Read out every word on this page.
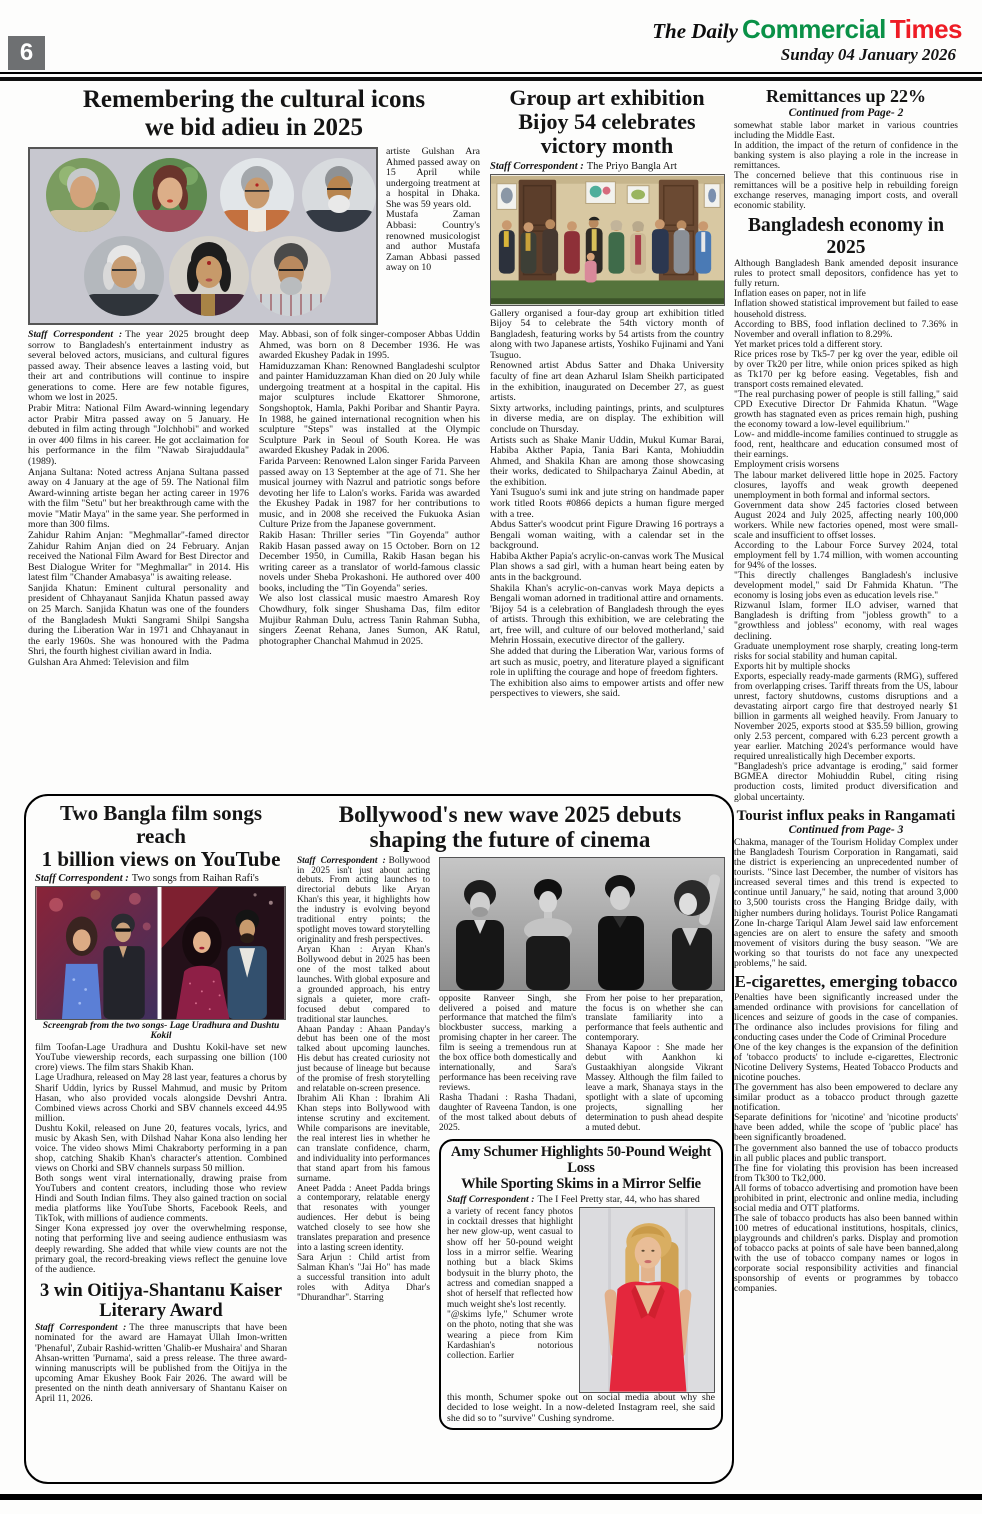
6
The Daily Commercial Times
Sunday 04 January 2026
Remembering the cultural icons
we bid adieu in 2025

artiste Gulshan Ara Ahmed passed away on 15 April while undergoing treatment at a hospital in Dhaka. She was 59 years old.

Mustafa Zaman Abbasi: Country's renowned musicologist and author Mustafa Zaman Abbasi passed away on 10

Staff Correspondent : The year 2025 brought deep sorrow to Bangladesh's entertainment industry as several beloved actors, musicians, and cultural figures passed away. Their absence leaves a lasting void, but their art and contributions will continue to inspire generations to come. Here are few notable figures, whom we lost in 2025.

Prabir Mitra: National Film Award-winning legendary actor Prabir Mitra passed away on 5 January. He debuted in film acting through "Jolchhobi" and worked in over 400 films in his career. He got acclaimation for his performance in the film "Nawab Sirajuddaula" (1989).

Anjana Sultana: Noted actress Anjana Sultana passed away on 4 January at the age of 59. The National film Award-winning artiste began her acting career in 1976 with the film "Setu" but her breakthrough came with the movie "Matir Maya" in the same year. She performed in more than 300 films.

Zahidur Rahim Anjan: "Meghmallar"-famed director Zahidur Rahim Anjan died on 24 February. Anjan received the National Film Award for Best Director and Best Dialogue Writer for "Meghmallar" in 2014. His latest film "Chander Amabasya" is awaiting release.

Sanjida Khatun: Eminent cultural personality and president of Chhayanaut Sanjida Khatun passed away on 25 March. Sanjida Khatun was one of the founders of the Bangladesh Mukti Sangrami Shilpi Sangsha during the Liberation War in 1971 and Chhayanaut in the early 1960s. She was honoured with the Padma Shri, the fourth highest civilian award in India.

Gulshan Ara Ahmed: Television and film

May. Abbasi, son of folk singer-composer Abbas Uddin Ahmed, was born on 8 December 1936. He was awarded Ekushey Padak in 1995.

Hamiduzzaman Khan: Renowned Bangladeshi sculptor and painter Hamiduzzaman Khan died on 20 July while undergoing treatment at a hospital in the capital. His major sculptures include Ekattorer Shmorone, Songshoptok, Hamla, Pakhi Poribar and Shantir Payra. In 1988, he gained international recognition when his sculpture "Steps" was installed at the Olympic Sculpture Park in Seoul of South Korea. He was awarded Ekushey Padak in 2006.

Farida Parveen: Renowned Lalon singer Farida Parveen passed away on 13 September at the age of 71. She her musical journey with Nazrul and patriotic songs before devoting her life to Lalon's works. Farida was awarded the Ekushey Padak in 1987 for her contributions to music, and in 2008 she received the Fukuoka Asian Culture Prize from the Japanese government.

Rakib Hasan: Thriller series "Tin Goyenda" author Rakib Hasan passed away on 15 October. Born on 12 December 1950, in Cumilla, Rakib Hasan began his writing career as a translator of world-famous classic novels under Sheba Prokashoni. He authored over 400 books, including the "Tin Goyenda" series.

We also lost classical music maestro Amaresh Roy Chowdhury, folk singer Shushama Das, film editor Mujibur Rahman Dulu, actress Tanin Rahman Subha, singers Zeenat Rehana, Janes Sumon, AK Ratul, photographer Chanchal Mahmud in 2025.

Group art exhibition
Bijoy 54 celebrates
victory month
Staff Correspondent : The Priyo Bangla Art

Gallery organised a four-day group art exhibition titled Bijoy 54 to celebrate the 54th victory month of Bangladesh, featuring works by 54 artists from the country along with two Japanese artists, Yoshiko Fujinami and Yani Tsuguo.

Renowned artist Abdus Satter and Dhaka University faculty of fine art dean Azharul Islam Sheikh participated in the exhibition, inaugurated on December 27, as guest artists.

Sixty artworks, including paintings, prints, and sculptures in diverse media, are on display. The exhibition will conclude on Thursday.

Artists such as Shake Manir Uddin, Mukul Kumar Barai, Habiba Akther Papia, Tania Bari Kanta, Mohiuddin Ahmed, and Shakila Khan are among those showcasing their works, dedicated to Shilpacharya Zainul Abedin, at the exhibition.

Yani Tsuguo's sumi ink and jute string on handmade paper work titled Roots #0866 depicts a human figure merged with a tree.

Abdus Satter's woodcut print Figure Drawing 16 portrays a Bengali woman waiting, with a calendar set in the background.

Habiba Akther Papia's acrylic-on-canvas work The Musical Plan shows a sad girl, with a human heart being eaten by ants in the background.

Shakila Khan's acrylic-on-canvas work Maya depicts a Bengali woman adorned in traditional attire and ornaments.

'Bijoy 54 is a celebration of Bangladesh through the eyes of artists. Through this exhibition, we are celebrating the art, free will, and culture of our beloved motherland,' said Mehrin Hossain, executive director of the gallery.

She added that during the Liberation War, various forms of art such as music, poetry, and literature played a significant role in uplifting the courage and hope of freedom fighters.

The exhibition also aims to empower artists and offer new perspectives to viewers, she said.

Remittances up 22%
Continued from Page- 2

somewhat stable labor market in various countries including the Middle East.

In addition, the impact of the return of confidence in the banking system is also playing a role in the increase in remittances.

The concerned believe that this continuous rise in remittances will be a positive help in rebuilding foreign exchange reserves, managing import costs, and overall economic stability.

Bangladesh economy in 2025

Although Bangladesh Bank amended deposit insurance rules to protect small depositors, confidence has yet to fully return.

Inflation eases on paper, not in life

Inflation showed statistical improvement but failed to ease household distress.

According to BBS, food inflation declined to 7.36% in November and overall inflation to 8.29%.

Yet market prices told a different story.

Rice prices rose by Tk5-7 per kg over the year, edible oil by over Tk20 per litre, while onion prices spiked as high as Tk170 per kg before easing. Vegetables, fish and transport costs remained elevated.

"The real purchasing power of people is still falling," said CPD Executive Director Dr Fahmida Khatun. "Wage growth has stagnated even as prices remain high, pushing the economy toward a low-level equilibrium."

Low- and middle-income families continued to struggle as food, rent, healthcare and education consumed most of their earnings.

Employment crisis worsens

The labour market delivered little hope in 2025. Factory closures, layoffs and weak growth deepened unemployment in both formal and informal sectors.

Government data show 245 factories closed between August 2024 and July 2025, affecting nearly 100,000 workers. While new factories opened, most were small-scale and insufficient to offset losses.

According to the Labour Force Survey 2024, total employment fell by 1.74 million, with women accounting for 94% of the losses.

"This directly challenges Bangladesh's inclusive development model," said Dr Fahmida Khatun. "The economy is losing jobs even as education levels rise."

Rizwanul Islam, former ILO adviser, warned that Bangladesh is drifting from "jobless growth" to a "growthless and jobless" economy, with real wages declining.

Graduate unemployment rose sharply, creating long-term risks for social stability and human capital.

Exports hit by multiple shocks

Exports, especially ready-made garments (RMG), suffered from overlapping crises. Tariff threats from the US, labour unrest, factory shutdowns, customs disruptions and a devastating airport cargo fire that destroyed nearly $1 billion in garments all weighed heavily. From January to November 2025, exports stood at $35.59 billion, growing only 2.53 percent, compared with 6.23 percent growth a year earlier. Matching 2024's performance would have required unrealistically high December exports.

"Bangladesh's price advantage is eroding," said former BGMEA director Mohiuddin Rubel, citing rising production costs, limited product diversification and global uncertainty.

Tourist influx peaks in Rangamati
Continued from Page- 3

Chakma, manager of the Tourism Holiday Complex under the Bangladesh Tourism Corporation in Rangamati, said the district is experiencing an unprecedented number of tourists. "Since last December, the number of visitors has increased several times and this trend is expected to continue until January," he said, noting that around 3,000 to 3,500 tourists cross the Hanging Bridge daily, with higher numbers during holidays. Tourist Police Rangamati Zone In-charge Tariqul Alam Jewel said law enforcement agencies are on alert to ensure the safety and smooth movement of visitors during the busy season. "We are working so that tourists do not face any unexpected problems," he said.

E-cigarettes, emerging tobacco

Penalties have been significantly increased under the amended ordinance with provisions for cancellation of licences and seizure of goods in the case of companies. The ordinance also includes provisions for filing and conducting cases under the Code of Criminal Procedure

One of the key changes is the expansion of the definition of 'tobacco products' to include e-cigarettes, Electronic Nicotine Delivery Systems, Heated Tobacco Products and nicotine pouches.

The government has also been empowered to declare any similar product as a tobacco product through gazette notification.

Separate definitions for 'nicotine' and 'nicotine products' have been added, while the scope of 'public place' has been significantly broadened.

The government also banned the use of tobacco products in all public places and public transport.

The fine for violating this provision has been increased from Tk300 to Tk2,000.

All forms of tobacco advertising and promotion have been prohibited in print, electronic and online media, including social media and OTT platforms.

The sale of tobacco products has also been banned within 100 metres of educational institutions, hospitals, clinics, playgrounds and children's parks. Display and promotion of tobacco packs at points of sale have been banned,along with the use of tobacco company names or logos in corporate social responsibility activities and financial sponsorship of events or programmes by tobacco companies.

Two Bangla film songs reach
1 billion views on YouTube
Staff Correspondent : Two songs from Raihan Rafi's
Screengrab from the two songs- Lage Uradhura and Dushtu Kokil

film Toofan-Lage Uradhura and Dushtu Kokil-have set new YouTube viewership records, each surpassing one billion (100 crore) views. The film stars Shakib Khan.

Lage Uradhura, released on May 28 last year, features a chorus by Sharif Uddin, lyrics by Russel Mahmud, and music by Pritom Hasan, who also provided vocals alongside Devshri Antra. Combined views across Chorki and SBV channels exceed 44.95 million.

Dushtu Kokil, released on June 20, features vocals, lyrics, and music by Akash Sen, with Dilshad Nahar Kona also lending her voice. The video shows Mimi Chakraborty performing in a pan shop, catching Shakib Khan's character's attention. Combined views on Chorki and SBV channels surpass 50 million.

Both songs went viral internationally, drawing praise from YouTubers and content creators, including those who review Hindi and South Indian films. They also gained traction on social media platforms like YouTube Shorts, Facebook Reels, and TikTok, with millions of audience comments.

Singer Kona expressed joy over the overwhelming response, noting that performing live and seeing audience enthusiasm was deeply rewarding. She added that while view counts are not the primary goal, the record-breaking views reflect the genuine love of the audience.

3 win Oitijya-Shantanu Kaiser
Literary Award

Staff Correspondent : The three manuscripts that have been nominated for the award are Hamayat Ullah Imon-written 'Phenaful', Zubair Rashid-written 'Ghalib-er Mushaira' and Sharan Ahsan-written 'Purnama', said a press release. The three award-winning manuscripts will be published from the Oitijya in the upcoming Amar Ekushey Book Fair 2026. The award will be presented on the ninth death anniversary of Shantanu Kaiser on April 11, 2026.

Bollywood's new wave 2025 debuts
shaping the future of cinema

Staff Correspondent : Bollywood in 2025 isn't just about acting debuts. From acting launches to directorial debuts like Aryan Khan's this year, it highlights how the industry is evolving beyond traditional entry points; the spotlight moves toward storytelling originality and fresh perspectives.

Aryan Khan : Aryan Khan's Bollywood debut in 2025 has been one of the most talked about launches. With global exposure and a grounded approach, his entry signals a quieter, more craft-focused debut compared to traditional star launches.

Ahaan Panday : Ahaan Panday's debut has been one of the most talked about upcoming launches. His debut has created curiosity not just because of lineage but because of the promise of fresh storytelling and relatable on-screen presence.

Ibrahim Ali Khan : Ibrahim Ali Khan steps into Bollywood with intense scrutiny and excitement. While comparisons are inevitable, the real interest lies in whether he can translate confidence, charm, and individuality into performances that stand apart from his famous surname.

Aneet Padda : Aneet Padda brings a contemporary, relatable energy that resonates with younger audiences. Her debut is being watched closely to see how she translates preparation and presence into a lasting screen identity.

Sara Arjun : Child artist from Salman Khan's "Jai Ho" has made a successful transition into adult roles with Aditya Dhar's "Dhurandhar". Starring

opposite Ranveer Singh, she delivered a poised and mature performance that matched the film's blockbuster success, marking a promising chapter in her career. The film is seeing a tremendous run at the box office both domestically and internationally, and Sara's performance has been receiving rave reviews.

Rasha Thadani : Rasha Thadani, daughter of Raveena Tandon, is one of the most talked about debuts of 2025.

From her poise to her preparation, the focus is on whether she can translate familiarity into a performance that feels authentic and contemporary.

Shanaya Kapoor : She made her debut with Aankhon ki Gustaakhiyan alongside Vikrant Massey. Although the film failed to leave a mark, Shanaya stays in the spotlight with a slate of upcoming projects, signalling her determination to push ahead despite a muted debut.

Amy Schumer Highlights 50-Pound Weight Loss
While Sporting Skims in a Mirror Selfie
Staff Correspondent : The I Feel Pretty star, 44, who has shared

a variety of recent fancy photos in cocktail dresses that highlight her new glow-up, went casual to show off her 50-pound weight loss in a mirror selfie. Wearing nothing but a black Skims bodysuit in the blurry photo, the actress and comedian snapped a shot of herself that reflected how much weight she's lost recently.

"@skims lyfe," Schumer wrote on the photo, noting that she was wearing a piece from Kim Kardashian's notorious collection. Earlier

this month, Schumer spoke out on social media about why she decided to lose weight. In a now-deleted Instagram reel, she said she did so to "survive" Cushing syndrome.
